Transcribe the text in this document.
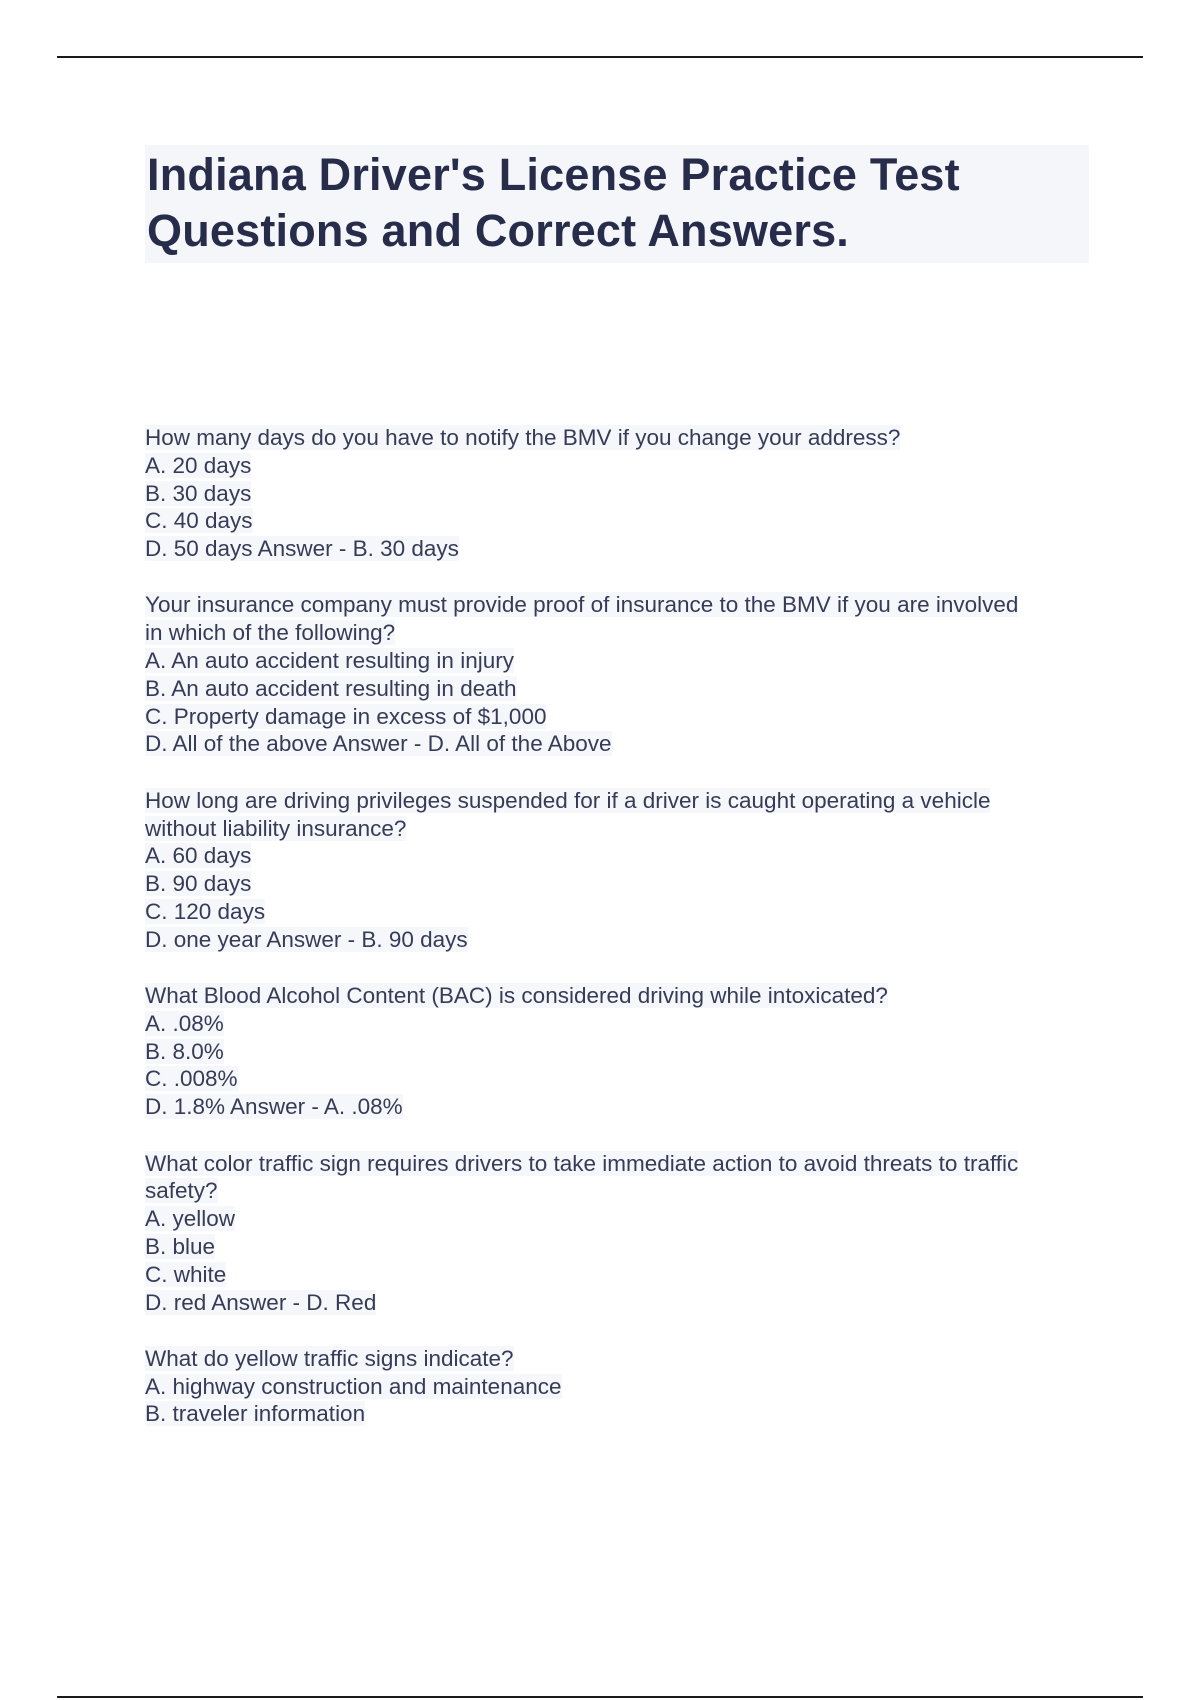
Indiana Driver's License Practice Test
Questions and Correct Answers.
How many days do you have to notify the BMV if you change your address?
A. 20 days
B. 30 days
C. 40 days
D. 50 days Answer - B. 30 days
Your insurance company must provide proof of insurance to the BMV if you are involved
in which of the following?
A. An auto accident resulting in injury
B. An auto accident resulting in death
C. Property damage in excess of $1,000
D. All of the above Answer - D. All of the Above
How long are driving privileges suspended for if a driver is caught operating a vehicle
without liability insurance?
A. 60 days
B. 90 days
C. 120 days
D. one year Answer - B. 90 days
What Blood Alcohol Content (BAC) is considered driving while intoxicated?
A. .08%
B. 8.0%
C. .008%
D. 1.8% Answer - A. .08%
What color traffic sign requires drivers to take immediate action to avoid threats to traffic
safety?
A. yellow
B. blue
C. white
D. red Answer - D. Red
What do yellow traffic signs indicate?
A. highway construction and maintenance
B. traveler information
